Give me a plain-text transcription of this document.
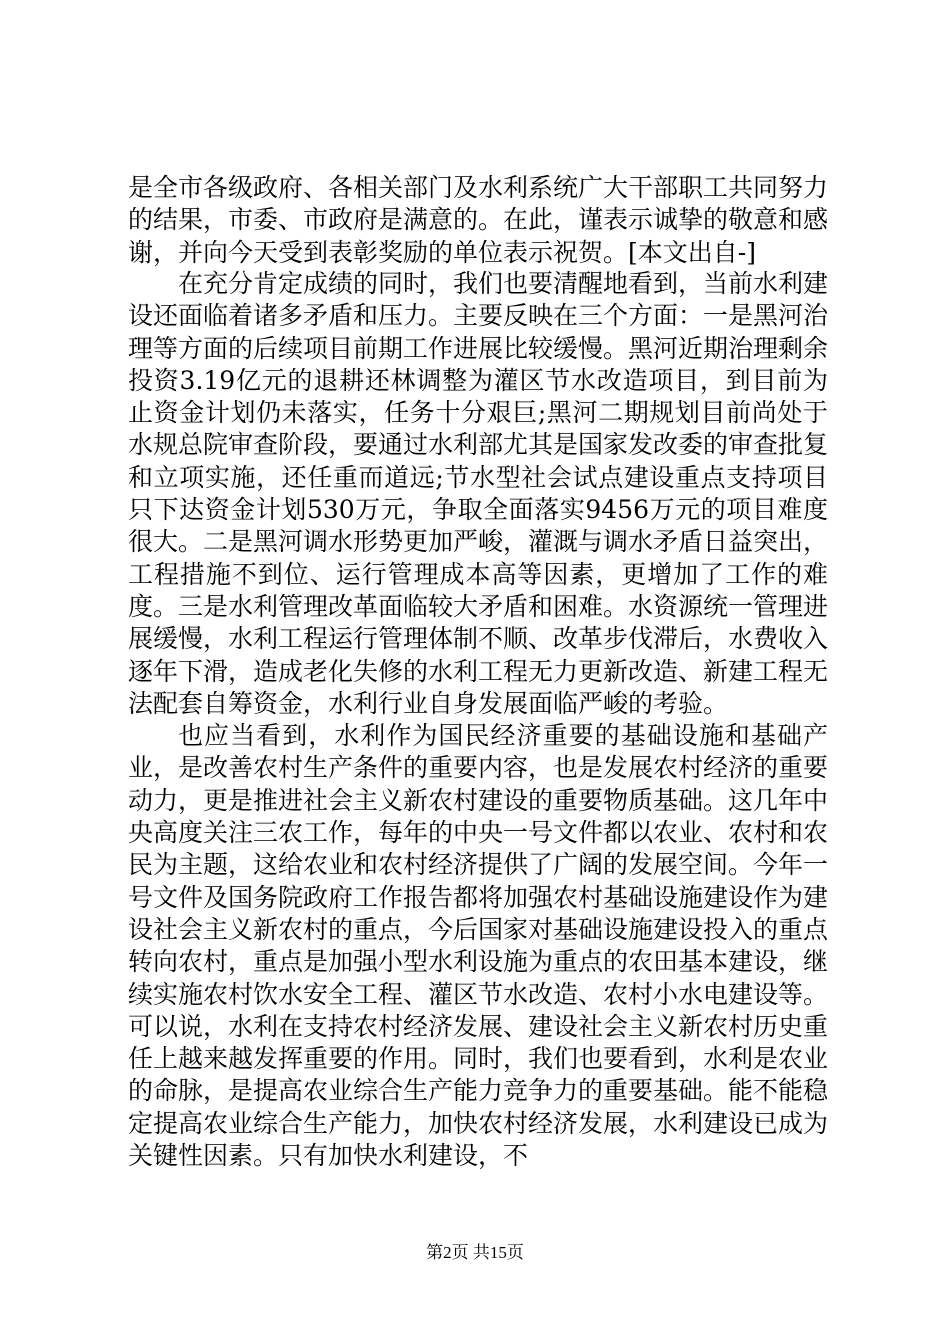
是全市各级政府、各相关部门及水利系统广大干部职工共同努力的结果，市委、市政府是满意的。在此，谨表示诚挚的敬意和感谢，并向今天受到表彰奖励的单位表示祝贺。[本文出自-]

在充分肯定成绩的同时，我们也要清醒地看到，当前水利建设还面临着诸多矛盾和压力。主要反映在三个方面：一是黑河治理等方面的后续项目前期工作进展比较缓慢。黑河近期治理剩余投资3.19亿元的退耕还林调整为灌区节水改造项目，到目前为止资金计划仍未落实，任务十分艰巨;黑河二期规划目前尚处于水规总院审查阶段，要通过水利部尤其是国家发改委的审查批复和立项实施，还任重而道远;节水型社会试点建设重点支持项目只下达资金计划530万元，争取全面落实9456万元的项目难度很大。二是黑河调水形势更加严峻，灌溉与调水矛盾日益突出，工程措施不到位、运行管理成本高等因素，更增加了工作的难度。三是水利管理改革面临较大矛盾和困难。水资源统一管理进展缓慢，水利工程运行管理体制不顺、改革步伐滞后，水费收入逐年下滑，造成老化失修的水利工程无力更新改造、新建工程无法配套自筹资金，水利行业自身发展面临严峻的考验。

也应当看到，水利作为国民经济重要的基础设施和基础产业，是改善农村生产条件的重要内容，也是发展农村经济的重要动力，更是推进社会主义新农村建设的重要物质基础。这几年中央高度关注三农工作，每年的中央一号文件都以农业、农村和农民为主题，这给农业和农村经济提供了广阔的发展空间。今年一号文件及国务院政府工作报告都将加强农村基础设施建设作为建设社会主义新农村的重点，今后国家对基础设施建设投入的重点转向农村，重点是加强小型水利设施为重点的农田基本建设，继续实施农村饮水安全工程、灌区节水改造、农村小水电建设等。可以说，水利在支持农村经济发展、建设社会主义新农村历史重任上越来越发挥重要的作用。同时，我们也要看到，水利是农业的命脉，是提高农业综合生产能力竞争力的重要基础。能不能稳定提高农业综合生产能力，加快农村经济发展，水利建设已成为关键性因素。只有加快水利建设，不

第2页 共15页
